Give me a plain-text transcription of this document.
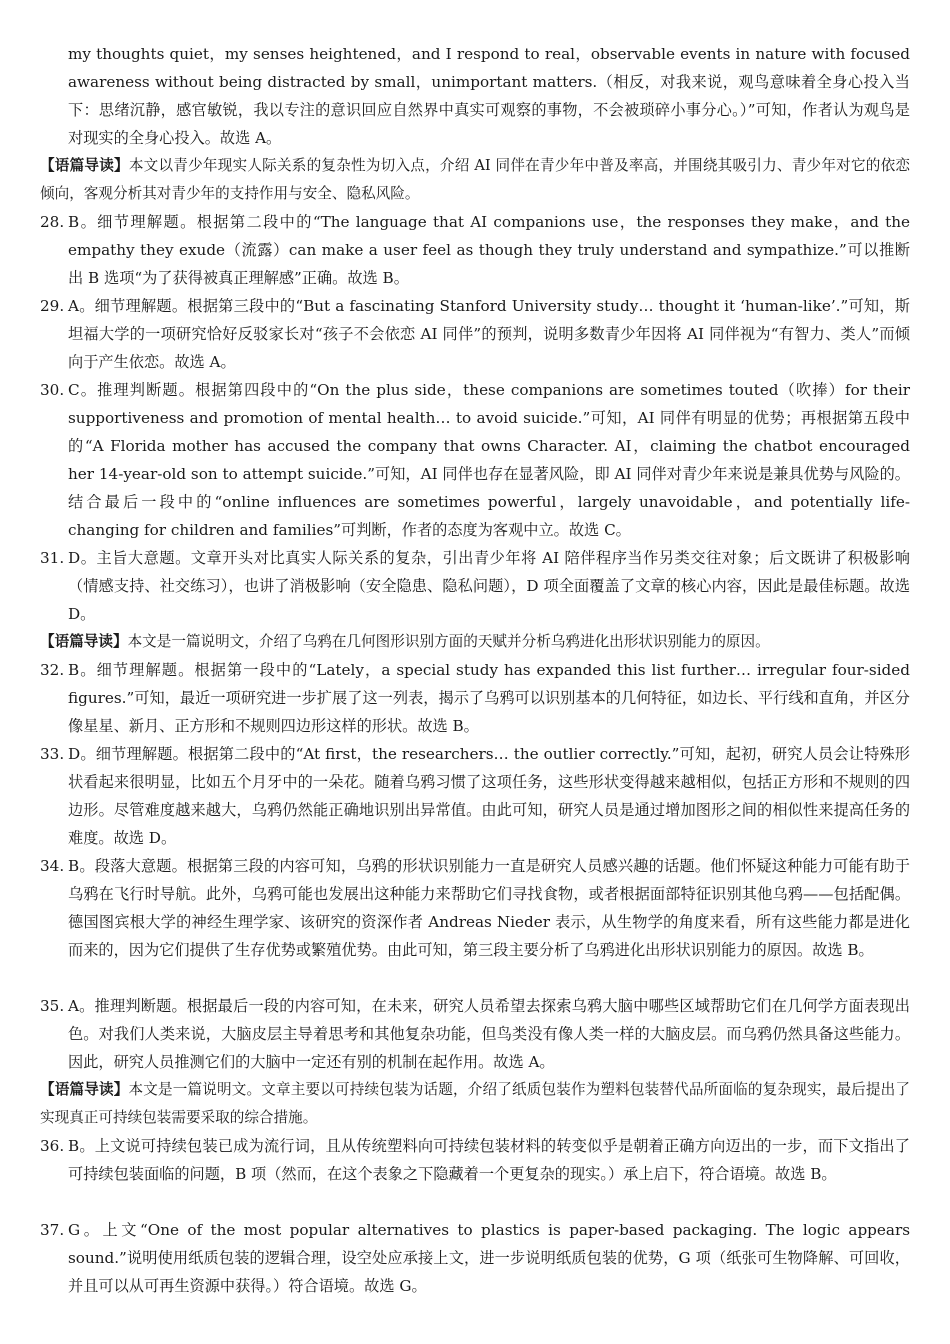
my thoughts quiet，my senses heightened，and I respond to real，observable events in nature with focused awareness without being distracted by small，unimportant matters.（相反，对我来说，观鸟意味着全身心投入当下：思绪沉静，感官敏锐，我以专注的意识回应自然界中真实可观察的事物，不会被琐碎小事分心。）”可知，作者认为观鸟是对现实的全身心投入。故选 A。
【语篇导读】本文以青少年现实人际关系的复杂性为切入点，介绍 AI 同伴在青少年中普及率高，并围绕其吸引力、青少年对它的依恋倾向，客观分析其对青少年的支持作用与安全、隐私风险。
28. B。细节理解题。根据第二段中的“The language that AI companions use，the responses they make，and the empathy they exude（流露）can make a user feel as though they truly understand and sympathize.”可以推断出 B 选项“为了获得被真正理解感”正确。故选 B。
29. A。细节理解题。根据第三段中的“But a fascinating Stanford University study… thought it ‘human-like’.”可知，斯坦福大学的一项研究恰好反驳家长对“孩子不会依恋 AI 同伴”的预判，说明多数青少年因将 AI 同伴视为“有智力、类人”而倾向于产生依恋。故选 A。
30. C。推理判断题。根据第四段中的“On the plus side，these companions are sometimes touted（吹捧）for their supportiveness and promotion of mental health… to avoid suicide.”可知，AI 同伴有明显的优势；再根据第五段中的“A Florida mother has accused the company that owns Character. AI，claiming the chatbot encouraged her 14-year-old son to attempt suicide.”可知，AI 同伴也存在显著风险，即 AI 同伴对青少年来说是兼具优势与风险的。结合最后一段中的“online influences are sometimes powerful，largely unavoidable，and potentially life-changing for children and families”可判断，作者的态度为客观中立。故选 C。
31. D。主旨大意题。文章开头对比真实人际关系的复杂，引出青少年将 AI 陪伴程序当作另类交往对象；后文既讲了积极影响（情感支持、社交练习），也讲了消极影响（安全隐患、隐私问题），D 项全面覆盖了文章的核心内容，因此是最佳标题。故选 D。
【语篇导读】本文是一篇说明文，介绍了乌鸦在几何图形识别方面的天赋并分析乌鸦进化出形状识别能力的原因。
32. B。细节理解题。根据第一段中的“Lately，a special study has expanded this list further… irregular four-sided figures.”可知，最近一项研究进一步扩展了这一列表，揭示了乌鸦可以识别基本的几何特征，如边长、平行线和直角，并区分像星星、新月、正方形和不规则四边形这样的形状。故选 B。
33. D。细节理解题。根据第二段中的“At first，the researchers… the outlier correctly.”可知，起初，研究人员会让特殊形状看起来很明显，比如五个月牙中的一朵花。随着乌鸦习惯了这项任务，这些形状变得越来越相似，包括正方形和不规则的四边形。尽管难度越来越大，乌鸦仍然能正确地识别出异常值。由此可知，研究人员是通过增加图形之间的相似性来提高任务的难度。故选 D。
34. B。段落大意题。根据第三段的内容可知，乌鸦的形状识别能力一直是研究人员感兴趣的话题。他们怀疑这种能力可能有助于乌鸦在飞行时导航。此外，乌鸦可能也发展出这种能力来帮助它们寻找食物，或者根据面部特征识别其他乌鸦——包括配偶。德国图宾根大学的神经生理学家、该研究的资深作者 Andreas Nieder 表示，从生物学的角度来看，所有这些能力都是进化而来的，因为它们提供了生存优势或繁殖优势。由此可知，第三段主要分析了乌鸦进化出形状识别能力的原因。故选 B。
35. A。推理判断题。根据最后一段的内容可知，在未来，研究人员希望去探索乌鸦大脑中哪些区域帮助它们在几何学方面表现出色。对我们人类来说，大脑皮层主导着思考和其他复杂功能，但鸟类没有像人类一样的大脑皮层。而乌鸦仍然具备这些能力。因此，研究人员推测它们的大脑中一定还有别的机制在起作用。故选 A。
【语篇导读】本文是一篇说明文。文章主要以可持续包装为话题，介绍了纸质包装作为塑料包装替代品所面临的复杂现实，最后提出了实现真正可持续包装需要采取的综合措施。
36. B。上文说可持续包装已成为流行词，且从传统塑料向可持续包装材料的转变似乎是朝着正确方向迈出的一步，而下文指出了可持续包装面临的问题，B 项（然而，在这个表象之下隐藏着一个更复杂的现实。）承上启下，符合语境。故选 B。
37. G。上文“One of the most popular alternatives to plastics is paper-based packaging. The logic appears sound.”说明使用纸质包装的逻辑合理，设空处应承接上文，进一步说明纸质包装的优势，G 项（纸张可生物降解、可回收，并且可以从可再生资源中获得。）符合语境。故选 G。
